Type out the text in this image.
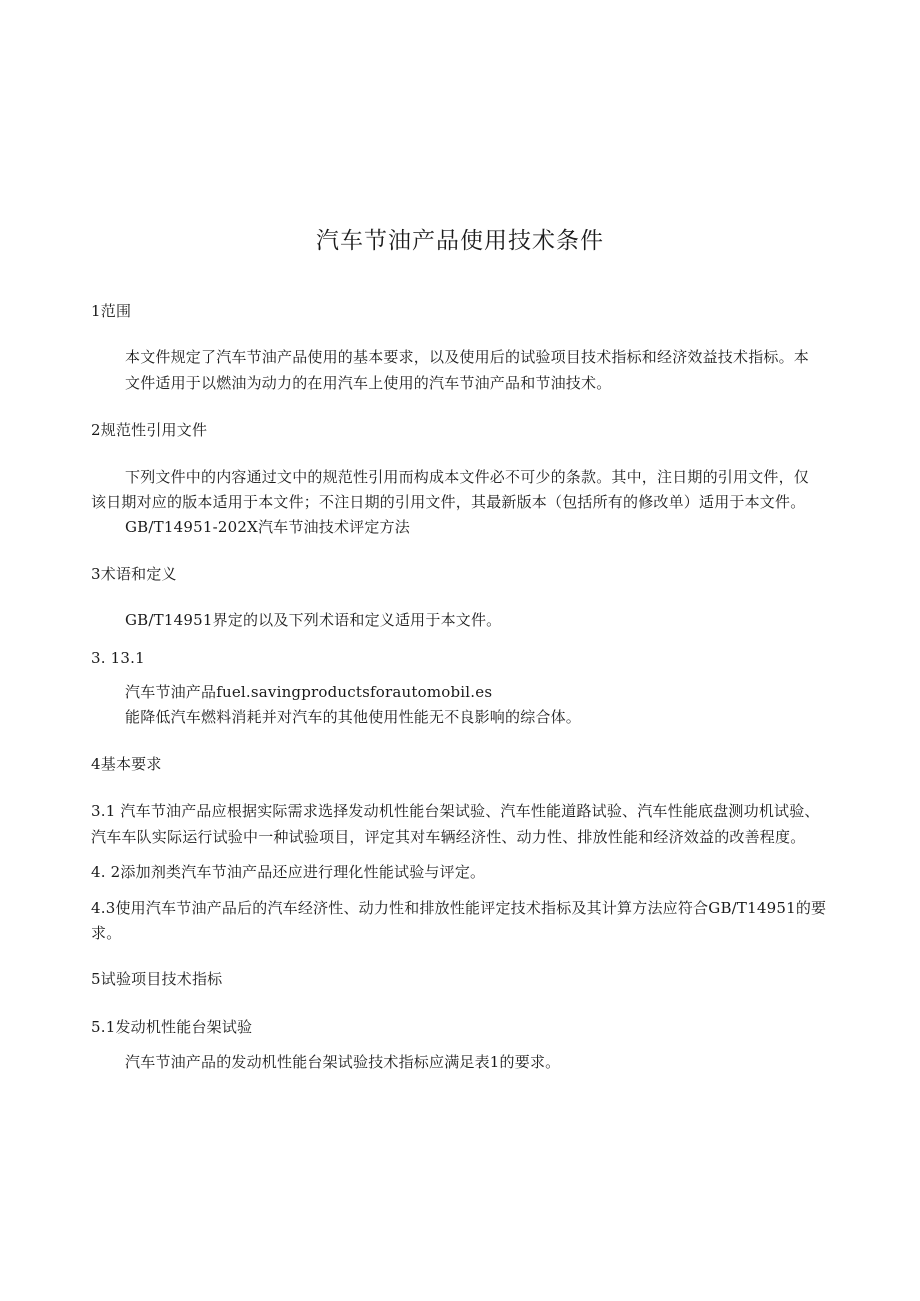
汽车节油产品使用技术条件
1范围
本文件规定了汽车节油产品使用的基本要求，以及使用后的试验项目技术指标和经济效益技术指标。本
文件适用于以燃油为动力的在用汽车上使用的汽车节油产品和节油技术。
2规范性引用文件
下列文件中的内容通过文中的规范性引用而构成本文件必不可少的条款。其中，注日期的引用文件，仅
该日期对应的版本适用于本文件；不注日期的引用文件，其最新版本（包括所有的修改单）适用于本文件。
GB/T14951-202X汽车节油技术评定方法
3术语和定义
GB/T14951界定的以及下列术语和定义适用于本文件。
3. 13.1
汽车节油产品fuel.savingproductsforautomobil.es
能降低汽车燃料消耗并对汽车的其他使用性能无不良影响的综合体。
4基本要求
3.1 汽车节油产品应根据实际需求选择发动机性能台架试验、汽车性能道路试验、汽车性能底盘测功机试验、
汽车车队实际运行试验中一种试验项目，评定其对车辆经济性、动力性、排放性能和经济效益的改善程度。
4. 2添加剂类汽车节油产品还应进行理化性能试验与评定。
4.3使用汽车节油产品后的汽车经济性、动力性和排放性能评定技术指标及其计算方法应符合GB/T14951的要
求。
5试验项目技术指标
5.1发动机性能台架试验
汽车节油产品的发动机性能台架试验技术指标应满足表1的要求。
